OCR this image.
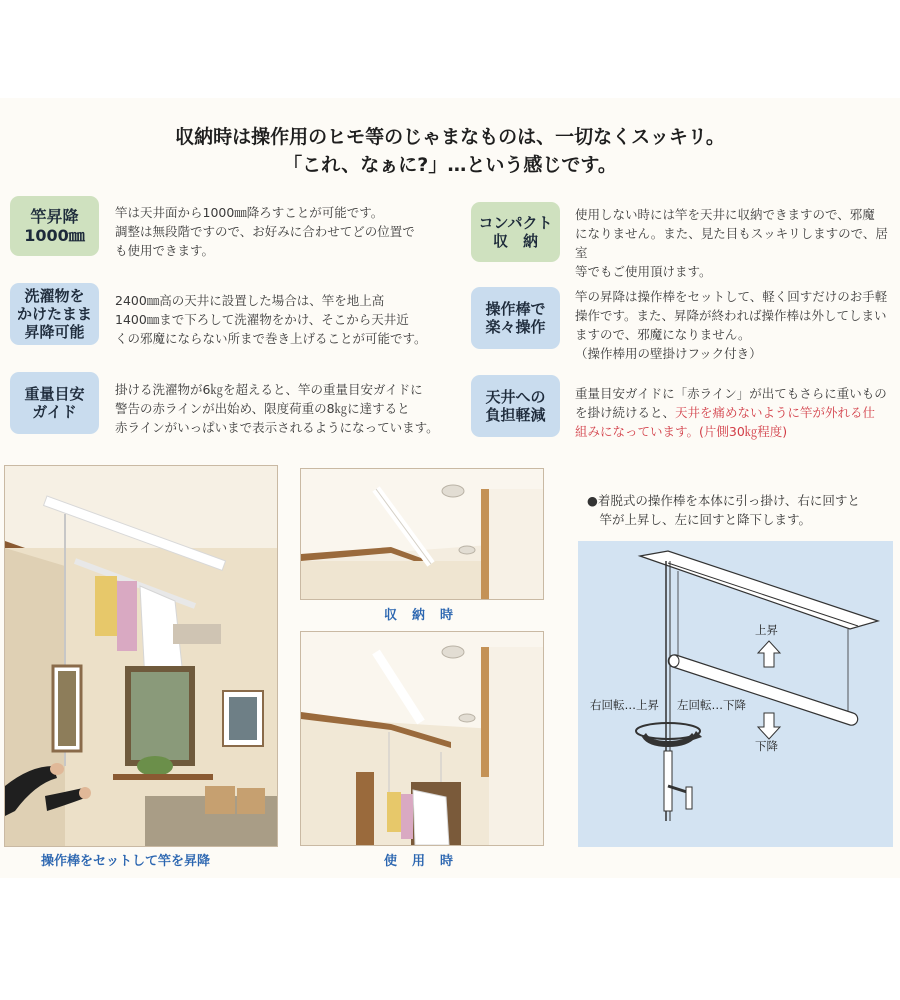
収納時は操作用のヒモ等のじゃまなものは、一切なくスッキリ。
「これ、なぁに?」…という感じです。
竿昇降
1000㎜
竿は天井面から1000㎜降ろすことが可能です。
調整は無段階ですので、お好みに合わせてどの位置で
も使用できます。
洗濯物を
かけたまま
昇降可能
2400㎜高の天井に設置した場合は、竿を地上高
1400㎜まで下ろして洗濯物をかけ、そこから天井近
くの邪魔にならない所まで巻き上げることが可能です。
重量目安
ガイド
掛ける洗濯物が6㎏を超えると、竿の重量目安ガイドに
警告の赤ラインが出始め、限度荷重の8㎏に達すると
赤ラインがいっぱいまで表示されるようになっています。
コンパクト
収　納
使用しない時には竿を天井に収納できますので、邪魔
になりません。また、見た目もスッキリしますので、居室
等でもご使用頂けます。
操作棒で
楽々操作
竿の昇降は操作棒をセットして、軽く回すだけのお手軽
操作です。また、昇降が終われば操作棒は外してしまい
ますので、邪魔になりません。
（操作棒用の壁掛けフック付き）
天井への
負担軽減
重量目安ガイドに「赤ライン」が出てもさらに重いもの
を掛け続けると、天井を痛めないように竿が外れる仕
組みになっています。(片側30㎏程度)
操作棒をセットして竿を昇降
収　納　時
使　用　時
●着脱式の操作棒を本体に引っ掛け、右に回すと
　竿が上昇し、左に回すと降下します。
上昇
下降
右回転…上昇 左回転…下降
